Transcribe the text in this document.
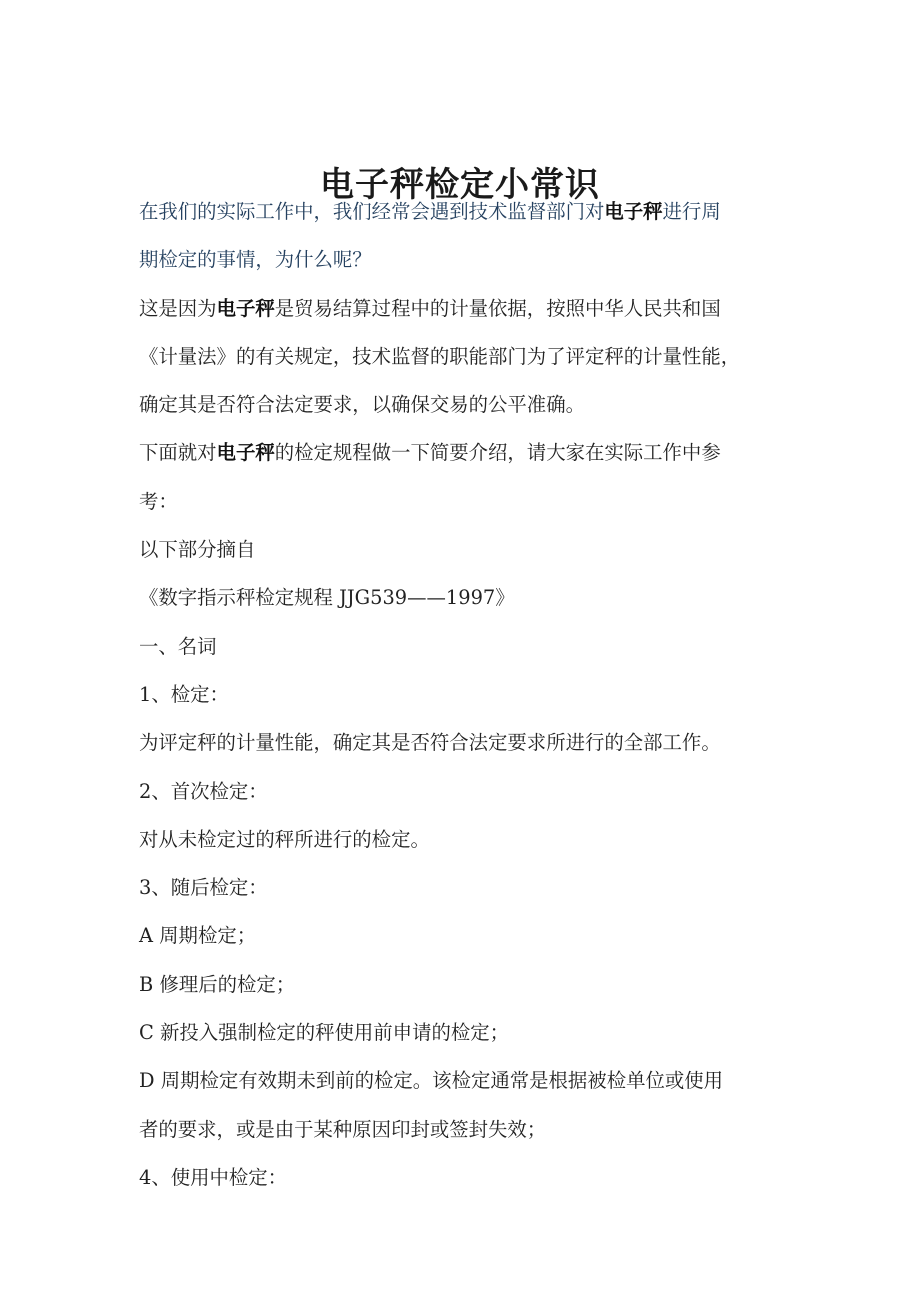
电子秤检定小常识

在我们的实际工作中，我们经常会遇到技术监督部门对电子秤进行周

期检定的事情，为什么呢？

这是因为电子秤是贸易结算过程中的计量依据，按照中华人民共和国

《计量法》的有关规定，技术监督的职能部门为了评定秤的计量性能，

确定其是否符合法定要求，以确保交易的公平准确。

下面就对电子秤的检定规程做一下简要介绍，请大家在实际工作中参

考：

以下部分摘自

《数字指示秤检定规程 JJG539——1997》

一、名词

1、检定：

为评定秤的计量性能，确定其是否符合法定要求所进行的全部工作。

2、首次检定：

对从未检定过的秤所进行的检定。

3、随后检定：

A 周期检定；

B 修理后的检定；

C 新投入强制检定的秤使用前申请的检定；

D 周期检定有效期未到前的检定。该检定通常是根据被检单位或使用

者的要求，或是由于某种原因印封或签封失效；

4、使用中检定：
